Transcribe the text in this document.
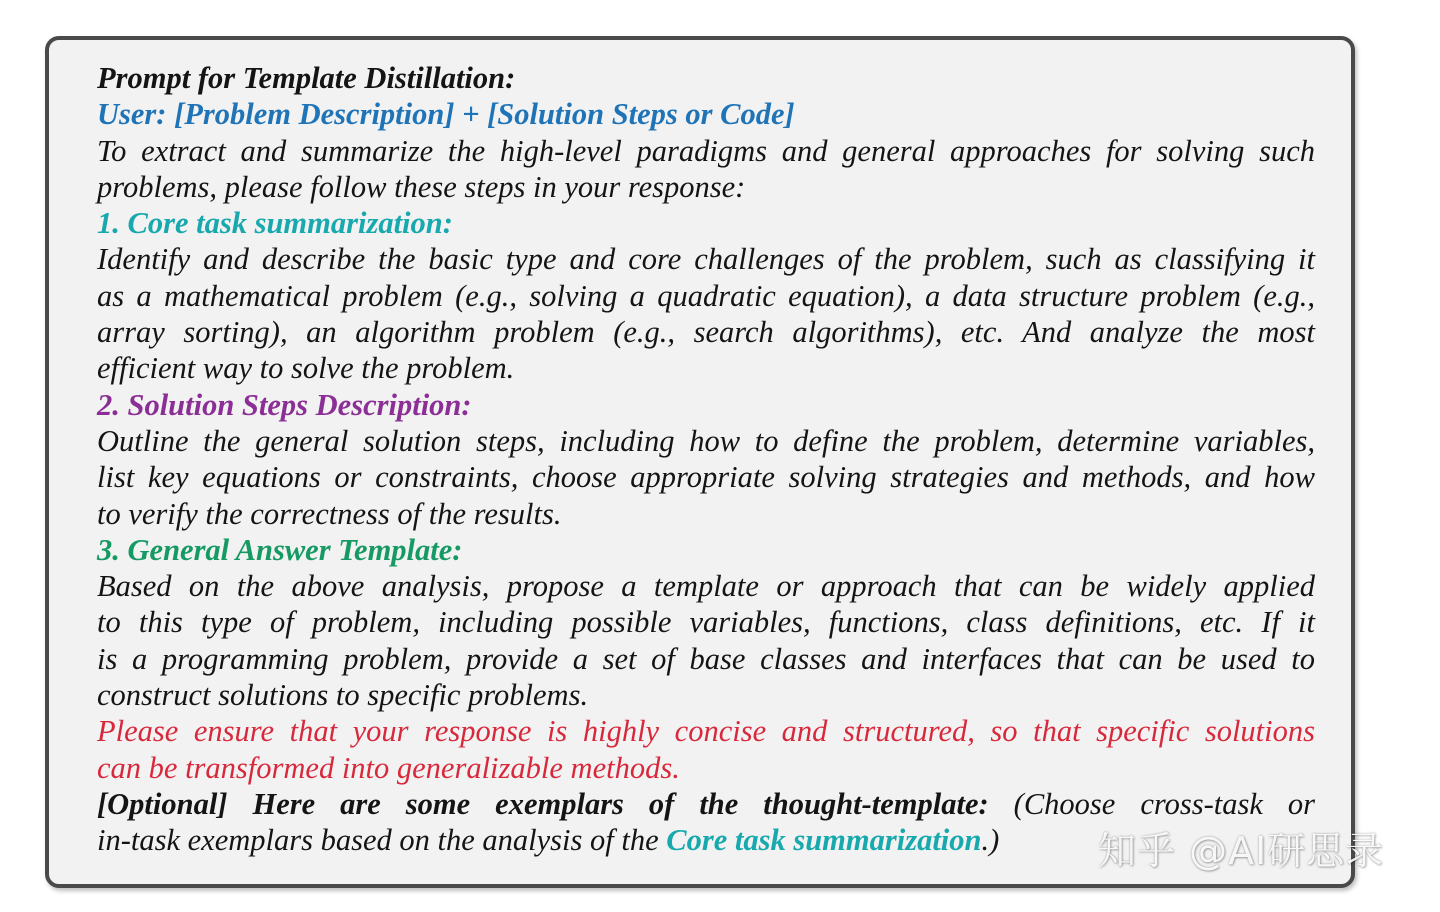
Prompt for Template Distillation:
User: [Problem Description] + [Solution Steps or Code]
To extract and summarize the high-level paradigms and general approaches for solving such
problems, please follow these steps in your response:
1. Core task summarization:
Identify and describe the basic type and core challenges of the problem, such as classifying it
as a mathematical problem (e.g., solving a quadratic equation), a data structure problem (e.g.,
array sorting), an algorithm problem (e.g., search algorithms), etc. And analyze the most
efficient way to solve the problem.
2. Solution Steps Description:
Outline the general solution steps, including how to define the problem, determine variables,
list key equations or constraints, choose appropriate solving strategies and methods, and how
to verify the correctness of the results.
3. General Answer Template:
Based on the above analysis, propose a template or approach that can be widely applied
to this type of problem, including possible variables, functions, class definitions, etc. If it
is a programming problem, provide a set of base classes and interfaces that can be used to
construct solutions to specific problems.
Please ensure that your response is highly concise and structured, so that specific solutions
can be transformed into generalizable methods.
[Optional] Here are some exemplars of the thought-template: (Choose cross-task or
in-task exemplars based on the analysis of the Core task summarization.)	知乎 @AI研思录
